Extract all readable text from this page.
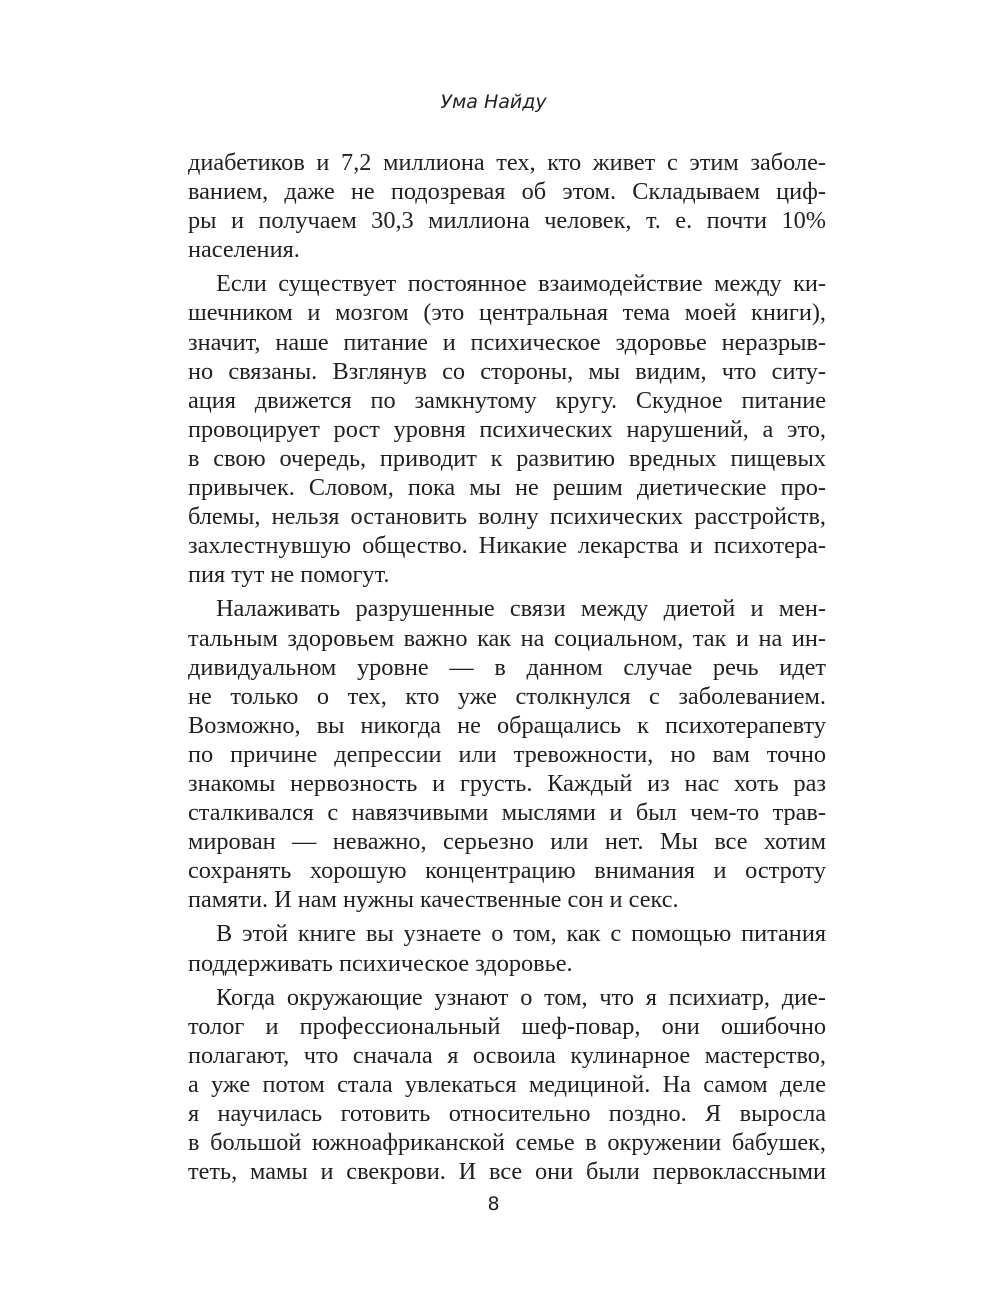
Ума Найду
диабетиков и 7,2 миллиона тех, кто живет с этим заболе-
ванием, даже не подозревая об этом. Складываем циф-
ры и получаем 30,3 миллиона человек, т. е. почти 10%
населения.
Если существует постоянное взаимодействие между ки-
шечником и мозгом (это центральная тема моей книги),
значит, наше питание и психическое здоровье неразрыв-
но связаны. Взглянув со стороны, мы видим, что ситу-
ация движется по замкнутому кругу. Скудное питание
провоцирует рост уровня психических нарушений, а это,
в свою очередь, приводит к развитию вредных пищевых
привычек. Словом, пока мы не решим диетические про-
блемы, нельзя остановить волну психических расстройств,
захлестнувшую общество. Никакие лекарства и психотера-
пия тут не помогут.
Налаживать разрушенные связи между диетой и мен-
тальным здоровьем важно как на социальном, так и на ин-
дивидуальном уровне — в данном случае речь идет
не только о тех, кто уже столкнулся с заболеванием.
Возможно, вы никогда не обращались к психотерапевту
по причине депрессии или тревожности, но вам точно
знакомы нервозность и грусть. Каждый из нас хоть раз
сталкивался с навязчивыми мыслями и был чем-то трав-
мирован — неважно, серьезно или нет. Мы все хотим
сохранять хорошую концентрацию внимания и остроту
памяти. И нам нужны качественные сон и секс.
В этой книге вы узнаете о том, как с помощью питания
поддерживать психическое здоровье.
Когда окружающие узнают о том, что я психиатр, дие-
толог и профессиональный шеф-повар, они ошибочно
полагают, что сначала я освоила кулинарное мастерство,
а уже потом стала увлекаться медициной. На самом деле
я научилась готовить относительно поздно. Я выросла
в большой южноафриканской семье в окружении бабушек,
теть, мамы и свекрови. И все они были первоклассными
8
